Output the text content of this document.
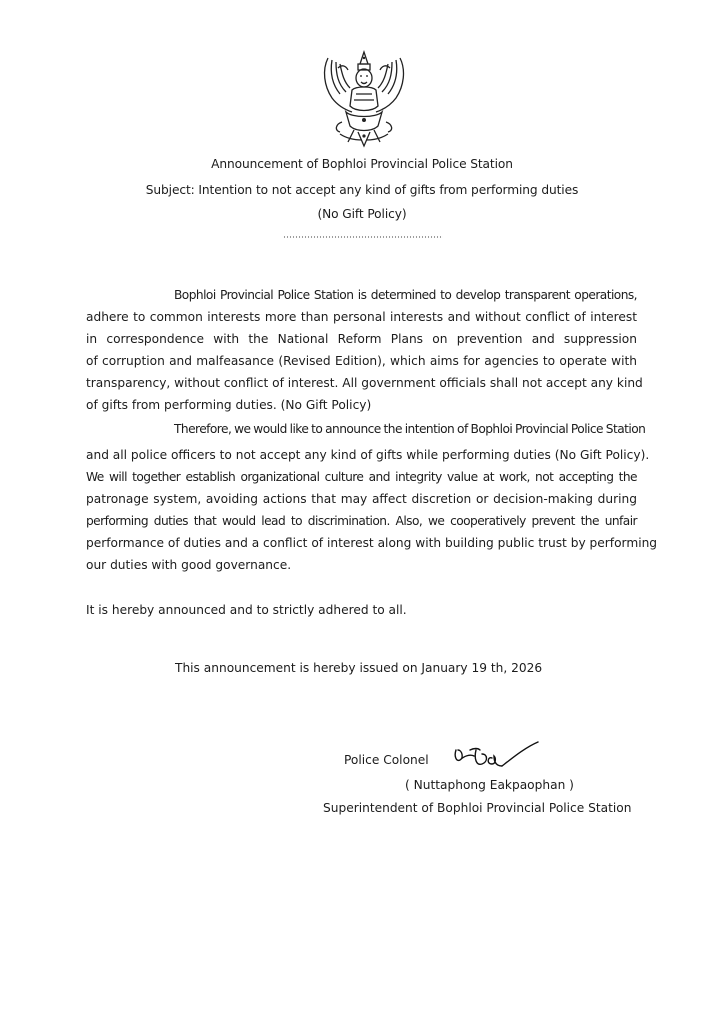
Announcement of Bophloi Provincial Police Station
Subject: Intention to not accept any kind of gifts from performing duties
(No Gift Policy)
Bophloi Provincial Police Station is determined to develop transparent operations,
adhere to common interests more than personal interests and without conflict of interest
in correspondence with the National Reform Plans on prevention and suppression
of corruption and malfeasance (Revised Edition), which aims for agencies to operate with
transparency, without conflict of interest. All government officials shall not accept any kind
of gifts from performing duties. (No Gift Policy)
Therefore, we would like to announce the intention of Bophloi Provincial Police Station
and all police officers to not accept any kind of gifts while performing duties (No Gift Policy).
We will together establish organizational culture and integrity value at work, not accepting the
patronage system, avoiding actions that may affect discretion or decision-making during
performing duties that would lead to discrimination. Also, we cooperatively prevent the unfair
performance of duties and a conflict of interest along with building public trust by performing
our duties with good governance.
It is hereby announced and to strictly adhered to all.
This announcement is hereby issued on January 19 th, 2026
Police Colonel
( Nuttaphong Eakpaophan )
Superintendent of Bophloi Provincial Police Station
